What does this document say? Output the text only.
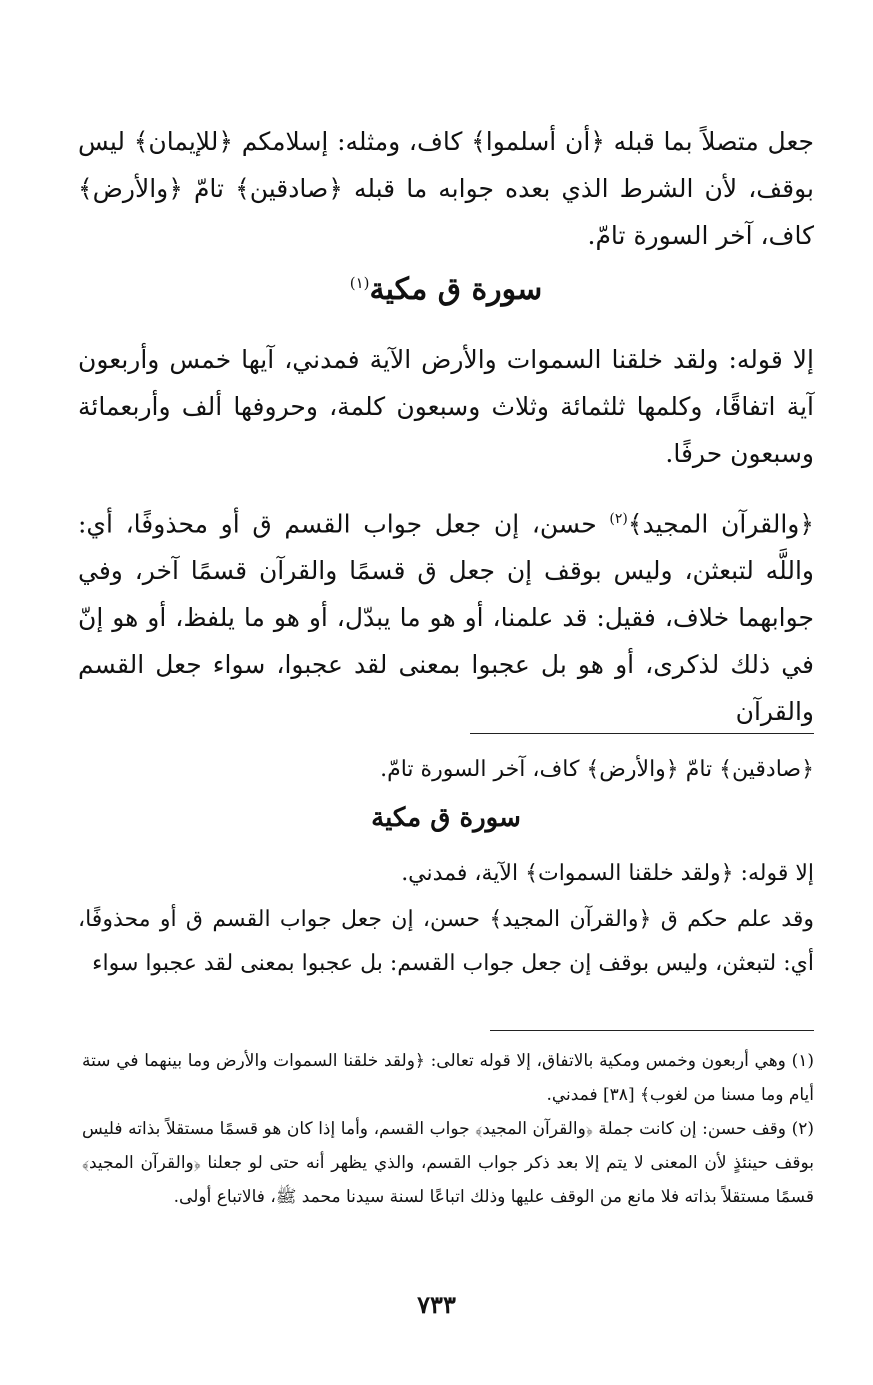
جعل متصلاً بما قبله ﴿أن أسلموا﴾ كاف، ومثله: إسلامكم ﴿للإيمان﴾ ليس بوقف، لأن الشرط الذي بعده جوابه ما قبله ﴿صادقين﴾ تامّ ﴿والأرض﴾ كاف، آخر السورة تامّ.

سورة ق مكية$^{(١)}$

إلا قوله: ولقد خلقنا السموات والأرض الآية فمدني، آيها خمس وأربعون آية اتفاقًا، وكلمها ثلثمائة وثلاث وسبعون كلمة، وحروفها ألف وأربعمائة وسبعون حرفًا.

﴿والقرآن المجيد﴾$^{(٢)}$ حسن، إن جعل جواب القسم ق أو محذوفًا، أي: واللَّه لتبعثن، وليس بوقف إن جعل ق قسمًا والقرآن قسمًا آخر، وفي جوابهما خلاف، فقيل: قد علمنا، أو هو ما يبدّل، أو هو ما يلفظ، أو هو إنّ في ذلك لذكرى، أو هو بل عجبوا بمعنى لقد عجبوا، سواء جعل القسم والقرآن

﴿صادقين﴾ تامّ ﴿والأرض﴾ كاف، آخر السورة تامّ.
سورة ق مكية
إلا قوله: ﴿ولقد خلقنا السموات﴾ الآية، فمدني.
وقد علم حكم ق ﴿والقرآن المجيد﴾ حسن، إن جعل جواب القسم ق أو محذوفًا، أي: لتبعثن، وليس بوقف إن جعل جواب القسم: بل عجبوا بمعنى لقد عجبوا سواء

(١) وهي أربعون وخمس ومكية بالاتفاق، إلا قوله تعالى: ﴿ولقد خلقنا السموات والأرض وما بينهما في ستة أيام وما مسنا من لغوب﴾ [٣٨] فمدني.

(٢) وقف حسن: إن كانت جملة ﴿والقرآن المجيد﴾ جواب القسم، وأما إذا كان هو قسمًا مستقلاً بذاته فليس بوقف حينئذٍ لأن المعنى لا يتم إلا بعد ذكر جواب القسم، والذي يظهر أنه حتى لو جعلنا ﴿والقرآن المجيد﴾ قسمًا مستقلاً بذاته فلا مانع من الوقف عليها وذلك اتباعًا لسنة سيدنا محمد ﷺ، فالاتباع أولى.

٧٣٣
